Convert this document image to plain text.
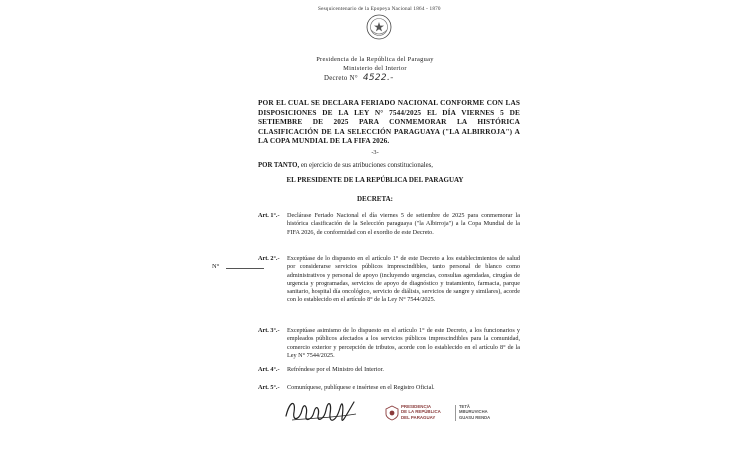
Sesquicentenario de la Epopeya Nacional 1864 - 1870
Presidencia de la República del Paraguay
Ministerio del Interior
Decreto N° 4522.-
POR EL CUAL SE DECLARA FERIADO NACIONAL CONFORME CON LAS DISPOSICIONES DE LA LEY N° 7544/2025 EL DÍA VIERNES 5 DE SETIEMBRE DE 2025 PARA CONMEMORAR LA HISTÓRICA CLASIFICACIÓN DE LA SELECCIÓN PARAGUAYA ("LA ALBIRROJA") A LA COPA MUNDIAL DE LA FIFA 2026.
-3-
POR TANTO, en ejercicio de sus atribuciones constitucionales,
EL PRESIDENTE DE LA REPÚBLICA DEL PARAGUAY
DECRETA:
Art. 1°.-	Declárase Feriado Nacional el día viernes 5 de setiembre de 2025 para conmemorar la histórica clasificación de la Selección paraguaya ("la Albirroja") a la Copa Mundial de la FIFA 2026, de conformidad con el exordio de este Decreto.
N°
Art. 2°.-	Exceptúase de lo dispuesto en el artículo 1° de este Decreto a los establecimientos de salud por considerarse servicios públicos imprescindibles, tanto personal de blanco como administrativos y personal de apoyo (incluyendo urgencias, consultas agendadas, cirugías de urgencia y programadas, servicios de apoyo de diagnóstico y tratamiento, farmacia, parque sanitario, hospital día oncológico, servicio de diálisis, servicios de sangre y similares), acorde con lo establecido en el artículo 8° de la Ley N° 7544/2025.
Art. 3°.-	Exceptúase asimismo de lo dispuesto en el artículo 1° de este Decreto, a los funcionarios y empleados públicos afectados a los servicios públicos imprescindibles para la comunidad, comercio exterior y percepción de tributos, acorde con lo establecido en el artículo 8° de la Ley N° 7544/2025.
Art. 4°.-	Refréndese por el Ministro del Interior.
Art. 5°.-	Comuníquese, publíquese e insértese en el Registro Oficial.
PRESIDENCIA
DE LA REPÚBLICA
DEL PARAGUAY
TETÃ
MBURUVICHA
GUASU RENDA
